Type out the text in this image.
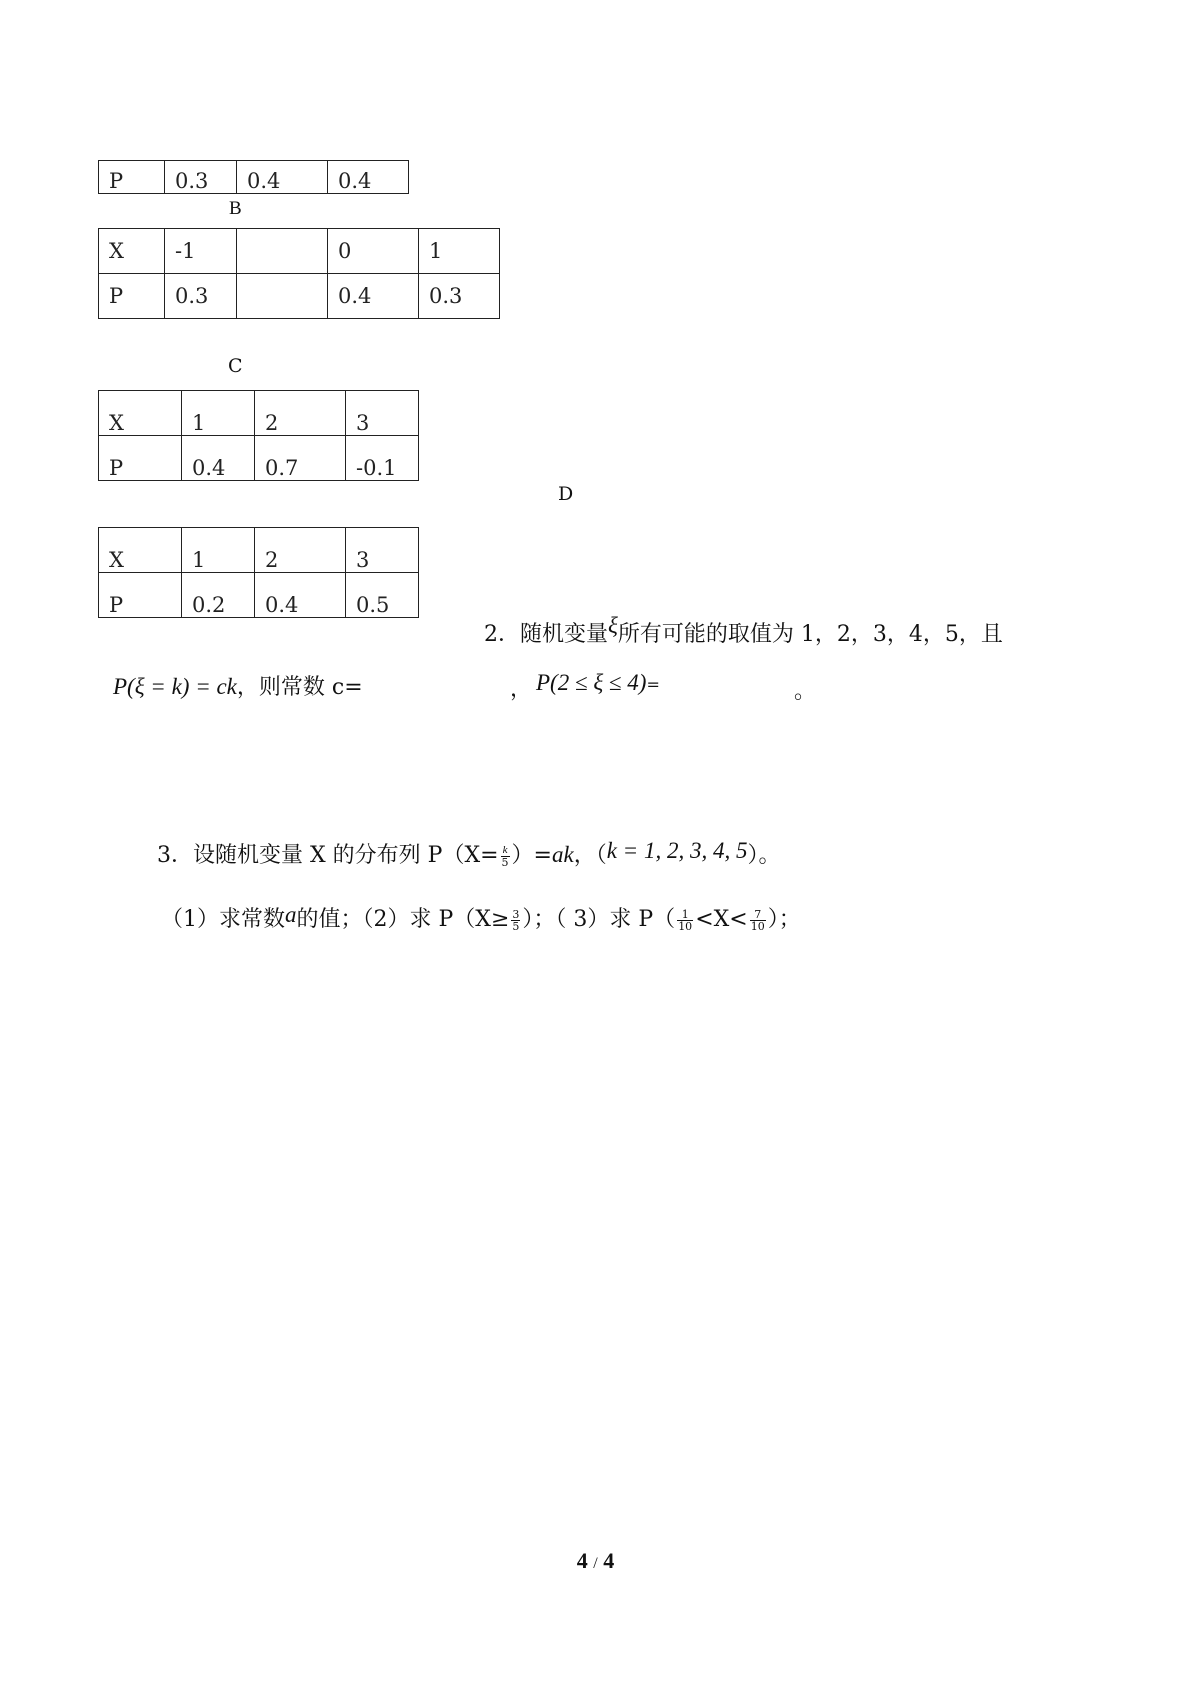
P	0.3	0.4	0.4
B
X	-1		0	1
P	0.3		0.4	0.3
C
X	1	2	3
P	0.4	0.7	-0.1
D
X	1	2	3
P	0.2	0.4	0.5
2．随机变量ξ所有可能的取值为 1，2，3，4，5，且
P(ξ = k) = ck，则常数 c=	， P(2 ≤ ξ ≤ 4)=	。
3．设随机变量 X 的分布列 $P(X= \frac{k}{5} )=ak$，（k = 1, 2, 3, 4, 5）。
（1）求常数a的值；（2）求 $P(X\ge \frac{3}{5}$ ）；（ 3）求 $P( \frac{1}{10} <X< \frac{7}{10}$ ）；
4 / 4
